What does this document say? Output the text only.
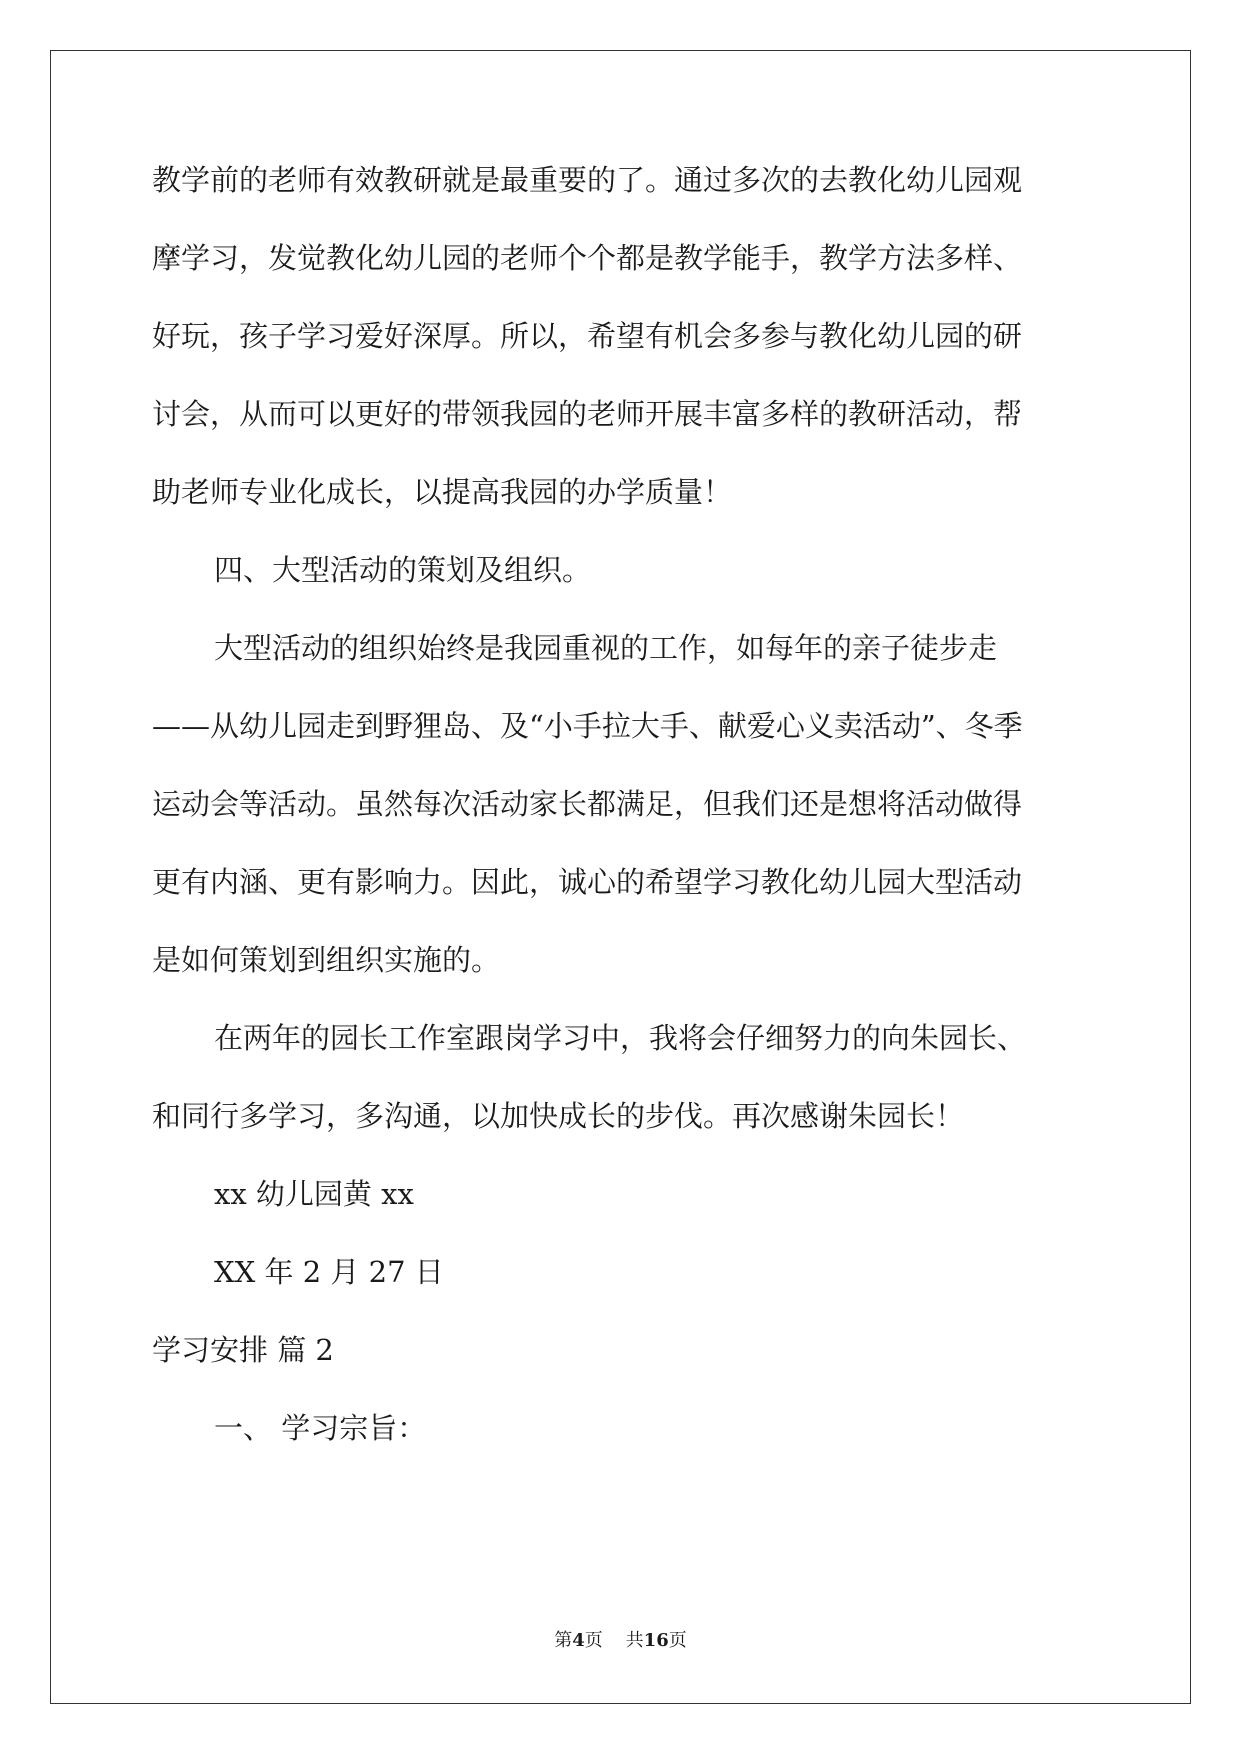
教学前的老师有效教研就是最重要的了。通过多次的去教化幼儿园观
摩学习，发觉教化幼儿园的老师个个都是教学能手，教学方法多样、
好玩，孩子学习爱好深厚。所以，希望有机会多参与教化幼儿园的研
讨会，从而可以更好的带领我园的老师开展丰富多样的教研活动，帮
助老师专业化成长，以提高我园的办学质量！
四、大型活动的策划及组织。
大型活动的组织始终是我园重视的工作，如每年的亲子徒步走
——从幼儿园走到野狸岛、及“小手拉大手、献爱心义卖活动”、冬季
运动会等活动。虽然每次活动家长都满足，但我们还是想将活动做得
更有内涵、更有影响力。因此，诚心的希望学习教化幼儿园大型活动
是如何策划到组织实施的。
在两年的园长工作室跟岗学习中，我将会仔细努力的向朱园长、
和同行多学习，多沟通，以加快成长的步伐。再次感谢朱园长！
xx 幼儿园黄 xx
XX 年 2 月 27 日
学习安排 篇 2
一、 学习宗旨：
第4页    共16页
